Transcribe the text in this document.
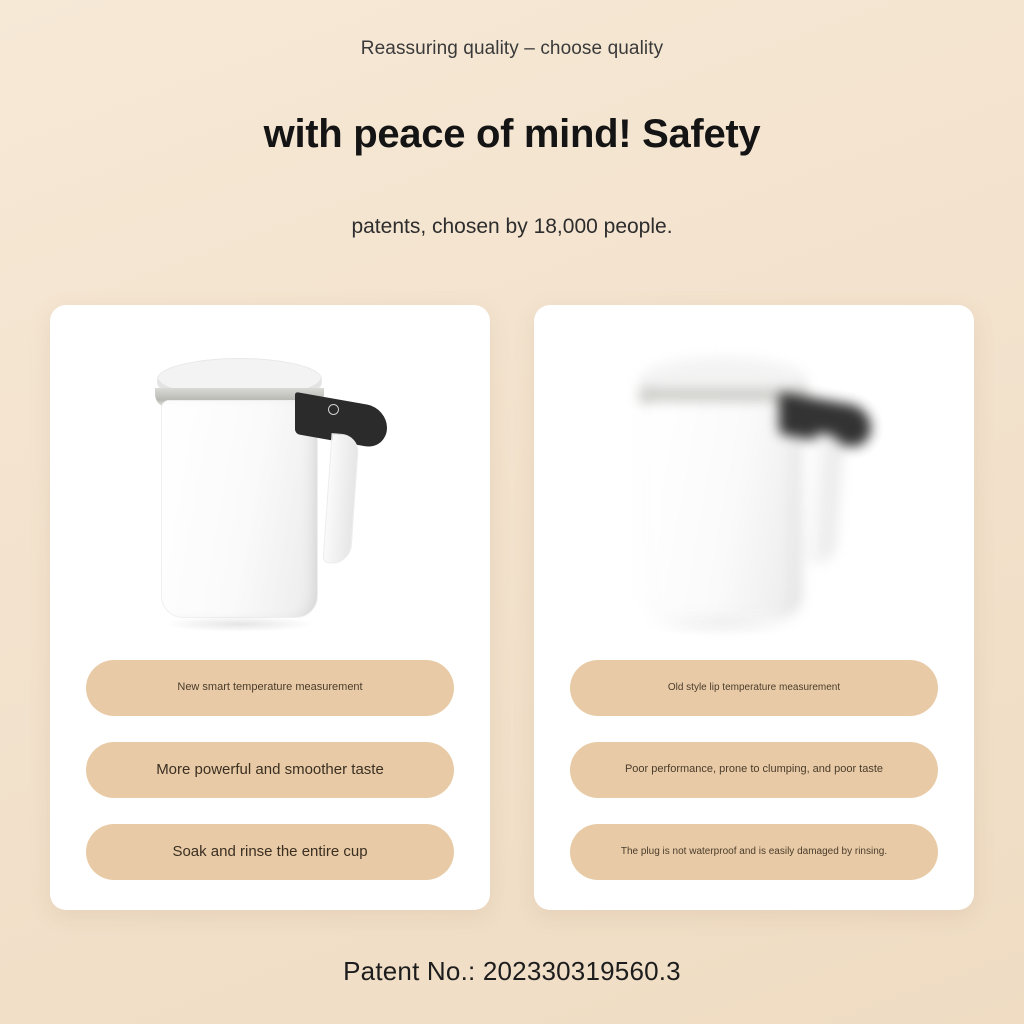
Reassuring quality – choose quality
with peace of mind! Safety
patents, chosen by 18,000 people.
New smart temperature measurement
More powerful and smoother taste
Soak and rinse the entire cup
Old style lip temperature measurement
Poor performance, prone to clumping, and poor taste
The plug is not waterproof and is easily damaged by rinsing.
Patent No.: 202330319560.3
